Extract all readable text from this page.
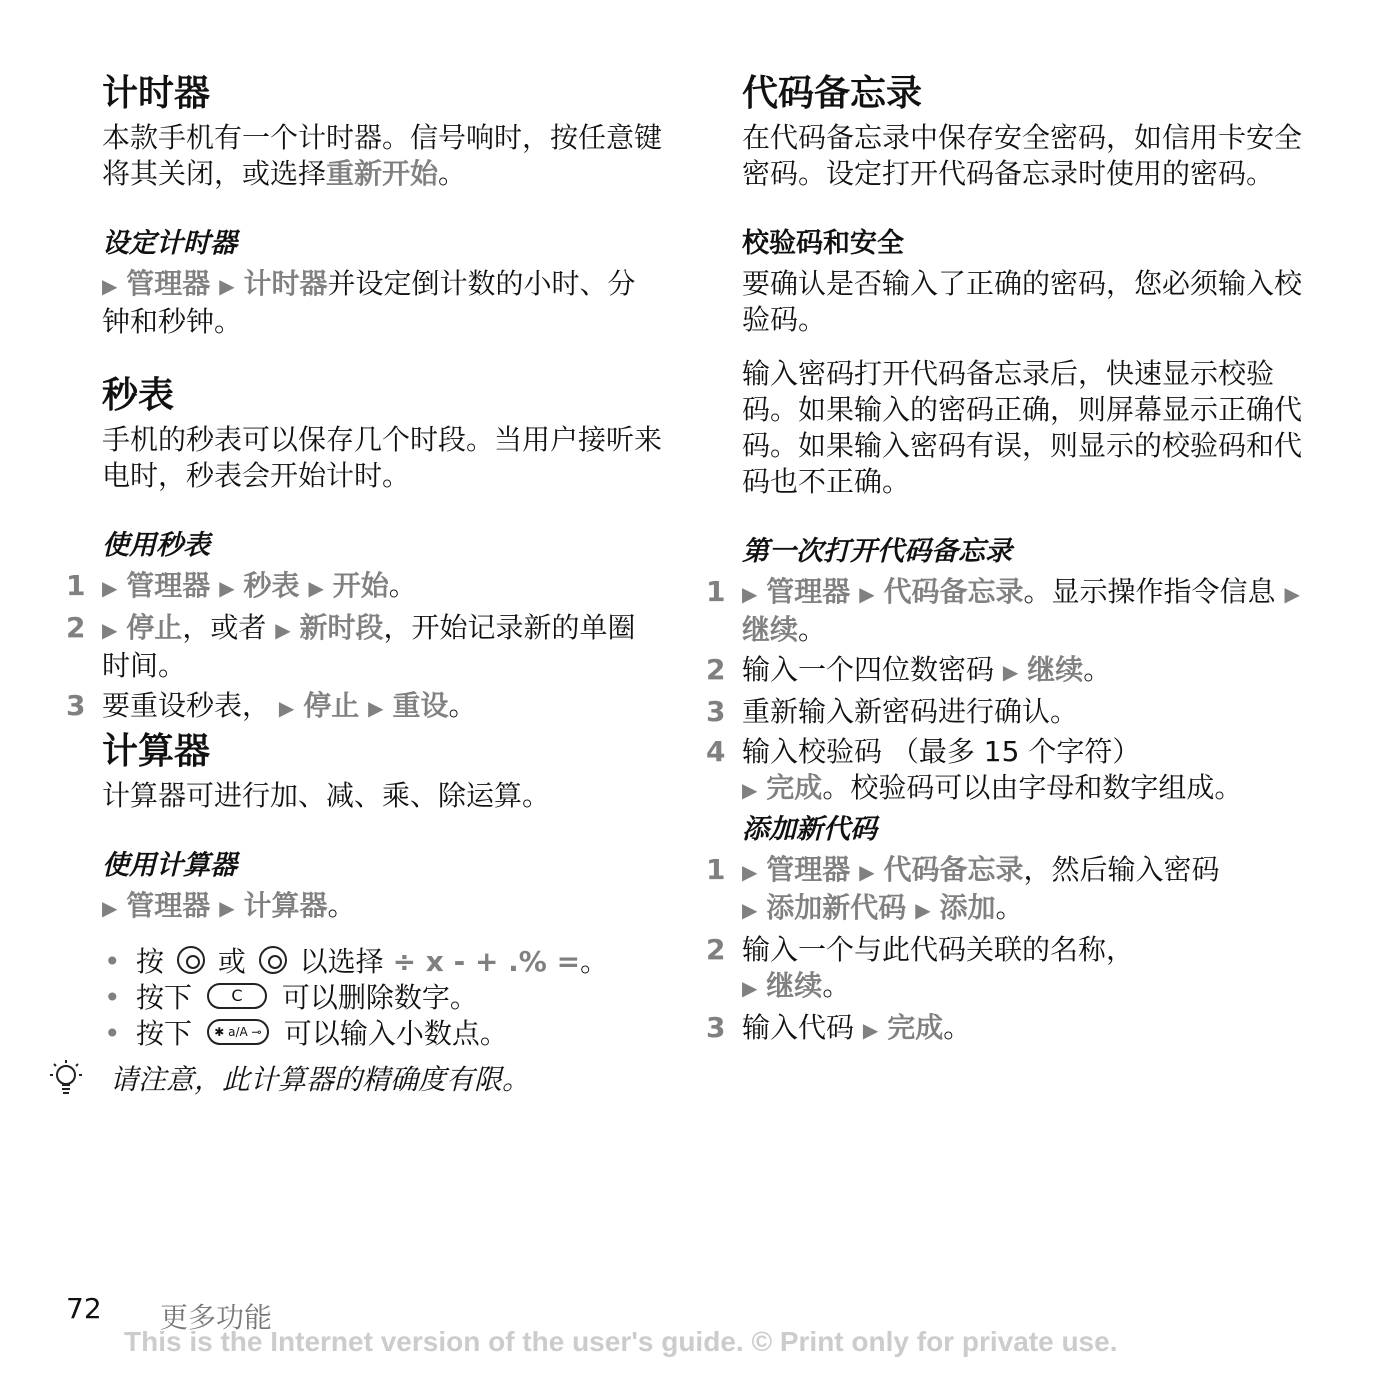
计时器

本款手机有一个计时器。信号响时，按任意键将其关闭，或选择重新开始。

设定计时器

▶ 管理器 ▶ 计时器并设定倒计数的小时、分钟和秒钟。

秒表

手机的秒表可以保存几个时段。当用户接听来电时，秒表会开始计时。

使用秒表
1 ▶ 管理器 ▶ 秒表 ▶ 开始。
2 ▶ 停止，或者 ▶ 新时段，开始记录新的单圈时间。
3 要重设秒表， ▶ 停止 ▶ 重设。
计算器

计算器可进行加、减、乘、除运算。

使用计算器

▶ 管理器 ▶ 计算器。

• 按 或 以选择 ÷ x - + .% =。
• 按下 C 可以删除数字。
• 按下 ✱ a/A ⊸ 可以输入小数点。

请注意，此计算器的精确度有限。

代码备忘录

在代码备忘录中保存安全密码，如信用卡安全密码。设定打开代码备忘录时使用的密码。

校验码和安全

要确认是否输入了正确的密码，您必须输入校验码。

输入密码打开代码备忘录后，快速显示校验码。如果输入的密码正确，则屏幕显示正确代码。如果输入密码有误，则显示的校验码和代码也不正确。

第一次打开代码备忘录
1 ▶ 管理器 ▶ 代码备忘录。显示操作指令信息 ▶ 继续。
2 输入一个四位数密码 ▶ 继续。
3 重新输入新密码进行确认。
4 输入校验码 （最多 15 个字符）
▶ 完成。校验码可以由字母和数字组成。
添加新代码
1 ▶ 管理器 ▶ 代码备忘录，然后输入密码
▶ 添加新代码 ▶ 添加。
2 输入一个与此代码关联的名称，
▶ 继续。
3 输入代码 ▶ 完成。
72 更多功能
This is the Internet version of the user's guide. © Print only for private use.
